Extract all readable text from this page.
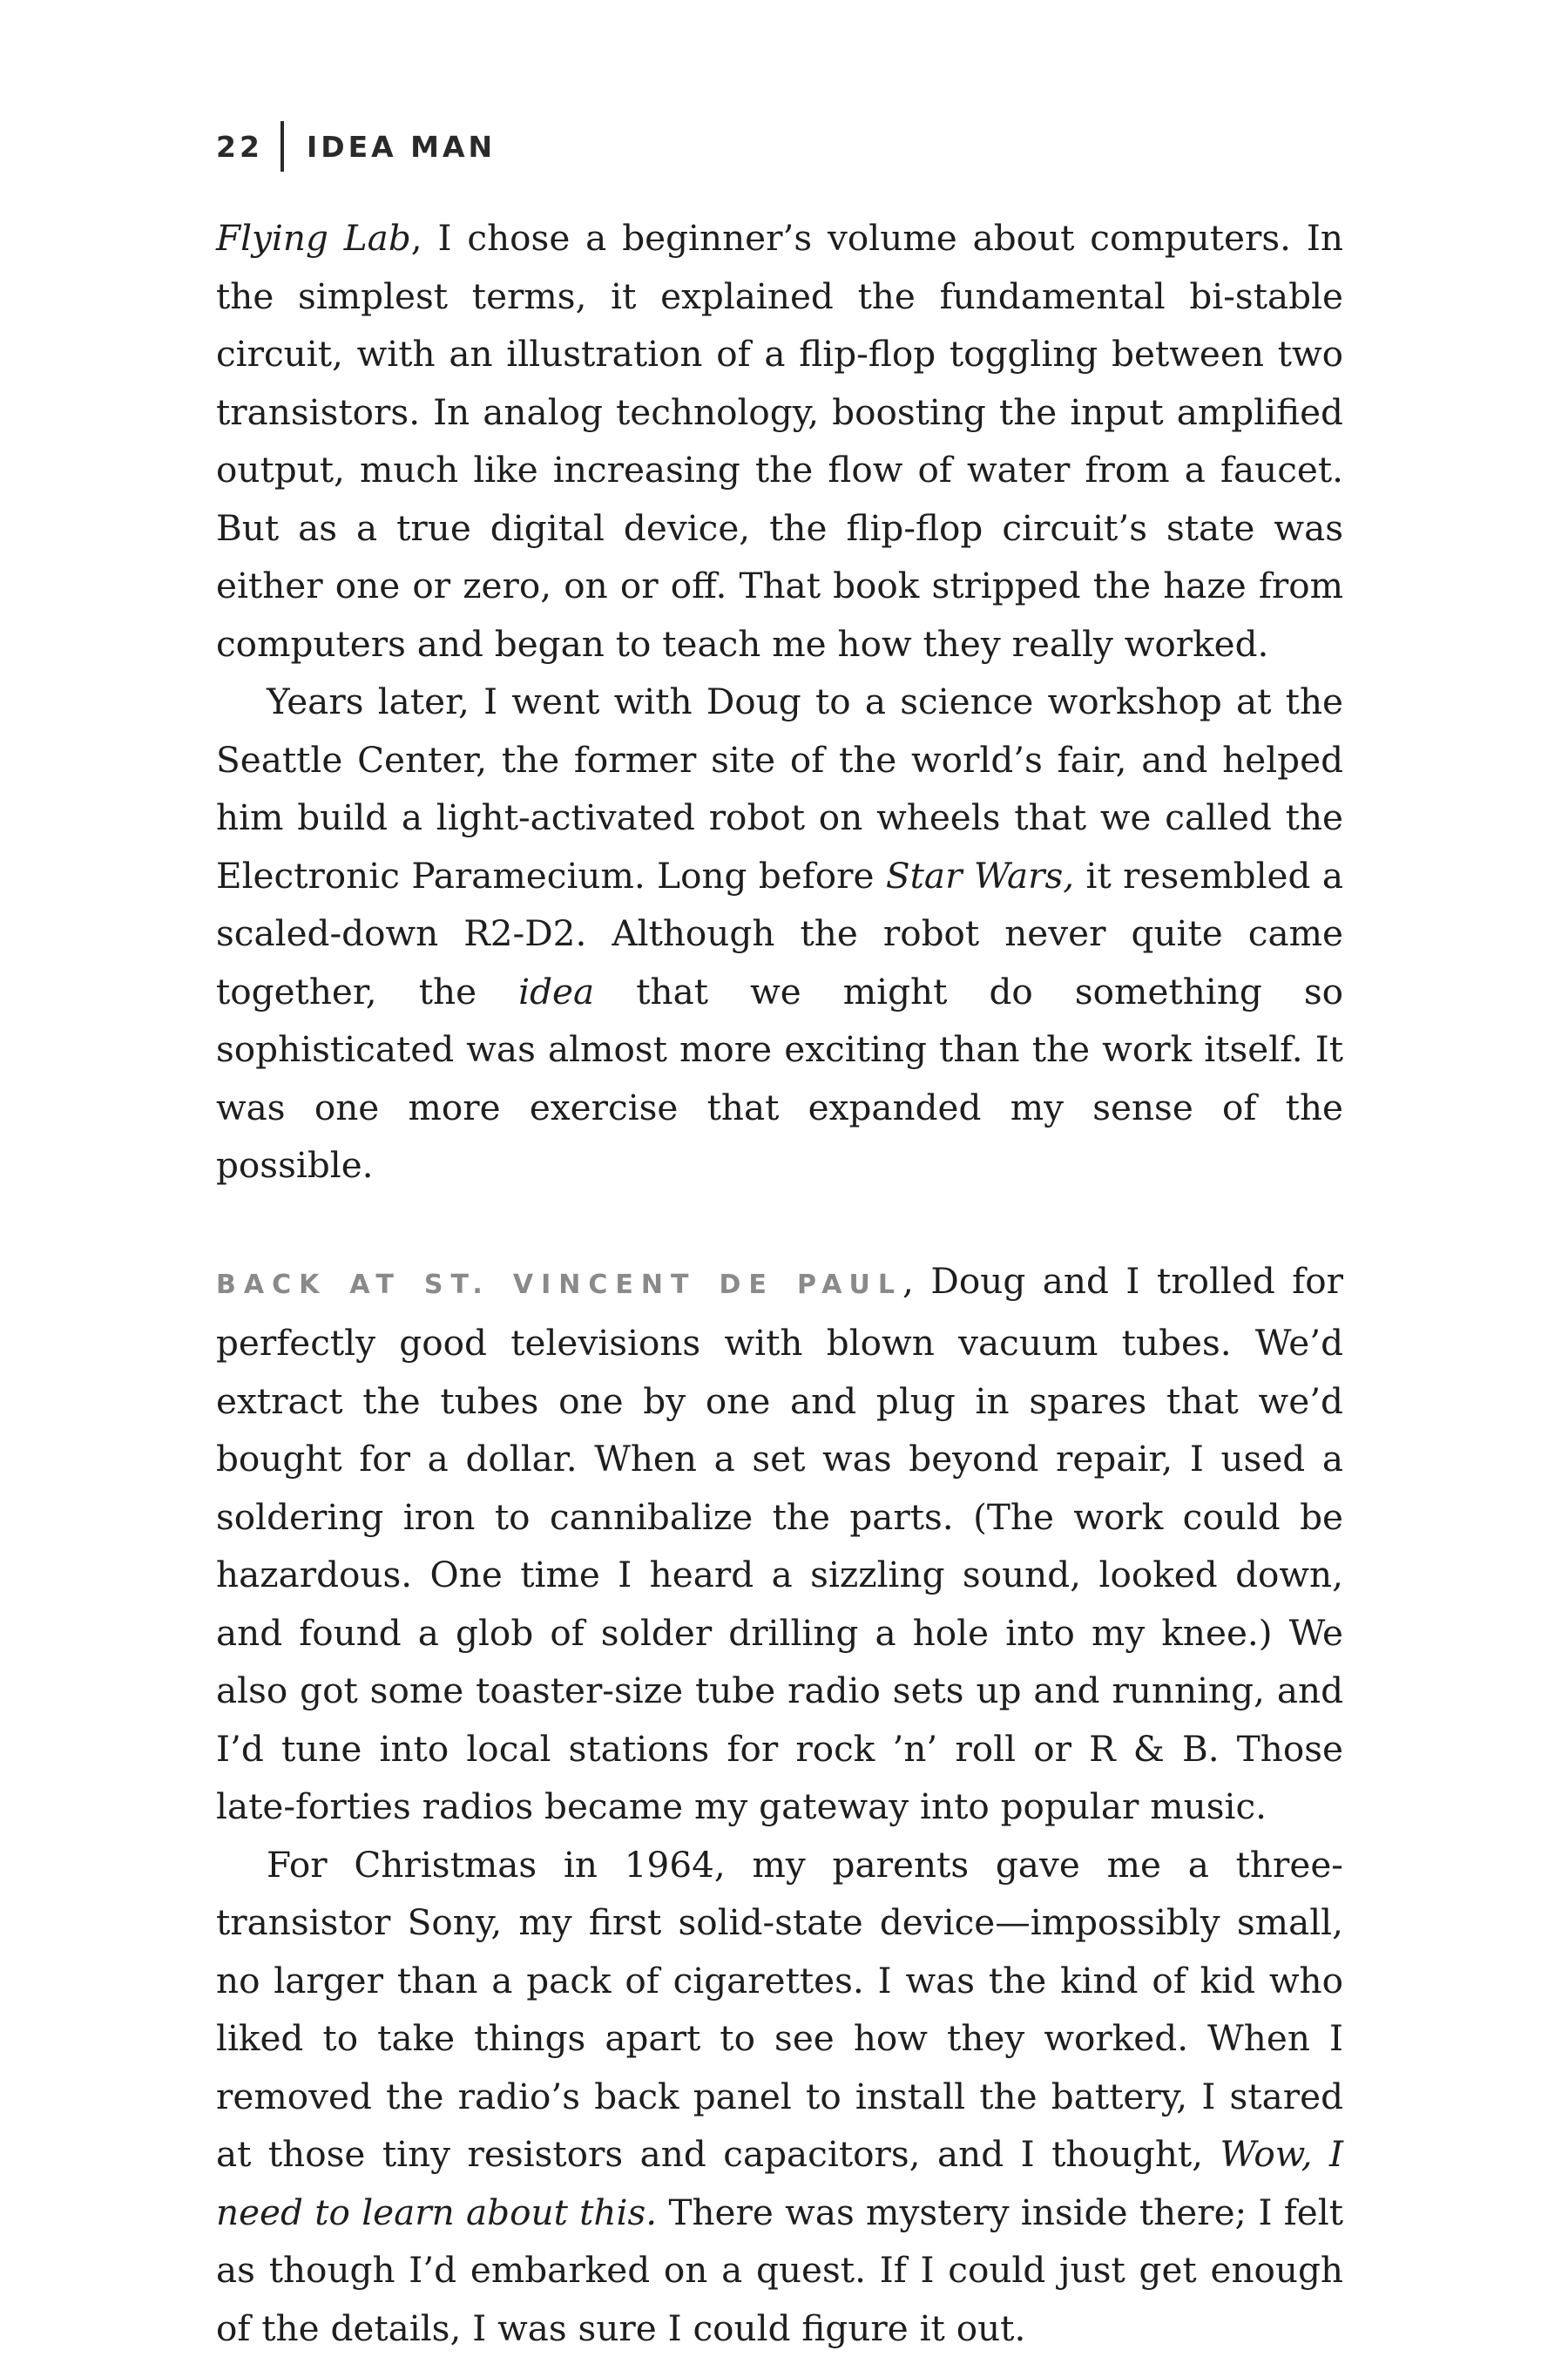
22 IDEA MAN

Flying Lab, I chose a beginner’s volume about computers. In the simplest terms, it explained the fundamental bi-stable circuit, with an illustration of a flip-flop toggling between two transistors. In analog technology, boosting the input amplified output, much like increasing the flow of water from a faucet. But as a true digital device, the flip-flop circuit’s state was either one or zero, on or off. That book stripped the haze from computers and began to teach me how they really worked.

Years later, I went with Doug to a science workshop at the Seattle Center, the former site of the world’s fair, and helped him build a light-activated robot on wheels that we called the Electronic Paramecium. Long before Star Wars, it resembled a scaled-down R2-D2. Although the robot never quite came together, the idea that we might do something so sophisticated was almost more exciting than the work itself. It was one more exercise that expanded my sense of the possible.

BACK AT ST. VINCENT DE PAUL, Doug and I trolled for perfectly good televisions with blown vacuum tubes. We’d extract the tubes one by one and plug in spares that we’d bought for a dollar. When a set was beyond repair, I used a soldering iron to cannibalize the parts. (The work could be hazardous. One time I heard a sizzling sound, looked down, and found a glob of solder drilling a hole into my knee.) We also got some toaster-size tube radio sets up and running, and I’d tune into local stations for rock ’n’ roll or R & B. Those late-forties radios became my gateway into popular music.

For Christmas in 1964, my parents gave me a three-transistor Sony, my first solid-state device—impossibly small, no larger than a pack of cigarettes. I was the kind of kid who liked to take things apart to see how they worked. When I removed the radio’s back panel to install the battery, I stared at those tiny resistors and capacitors, and I thought, Wow, I need to learn about this. There was mystery inside there; I felt as though I’d embarked on a quest. If I could just get enough of the details, I was sure I could figure it out.
